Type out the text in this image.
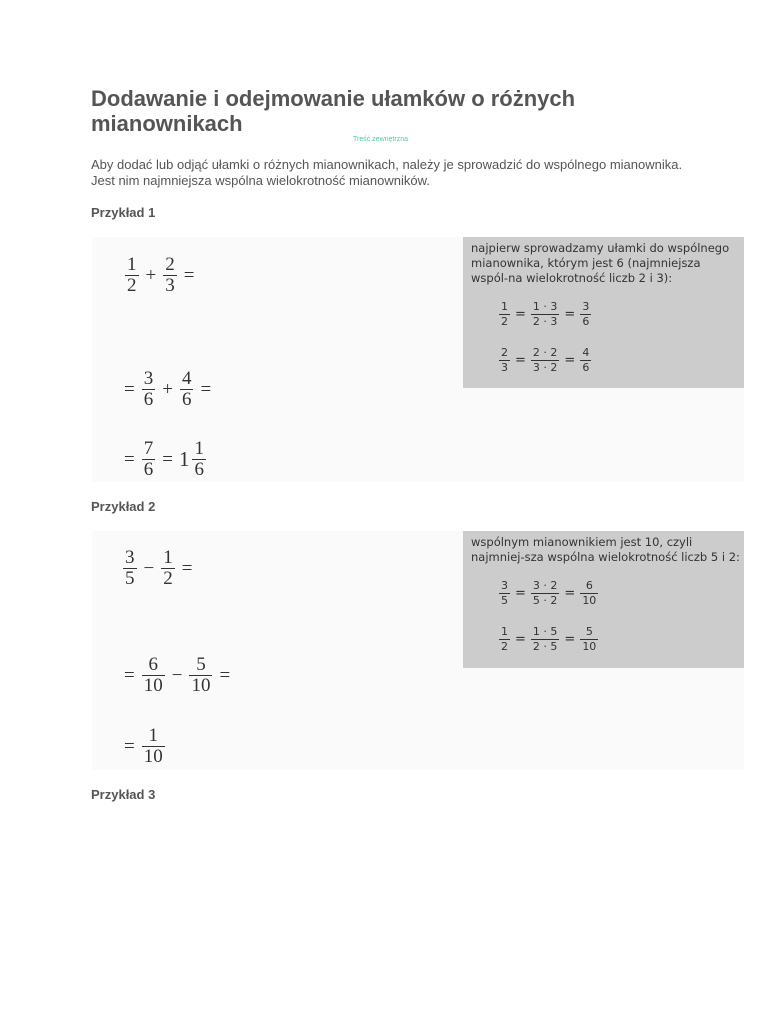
Dodawanie i odejmowanie ułamków o różnych mianownikach
Treść zewnętrzna

Aby dodać lub odjąć ułamki o różnych mianownikach, należy je sprowadzić do wspólnego mianownika. Jest nim najmniejsza wspólna wielokrotność mianowników.

Przykład 1

$\frac{1}{2} + \frac{2}{3}$ =
= $\frac{3}{6} + \frac{4}{6}$ =
= $\frac{7}{6} = 1 \frac{1}{6}$

najpierw sprowadzamy ułamki do wspólnego mianownika, którym jest 6 (najmniejsza wspól-na wielokrotność liczb 2 i 3):

$\frac{1}{2} = \frac{1 \cdot 3}{2 \cdot 3} = \frac{3}{6}$
$\frac{2}{3} = \frac{2 \cdot 2}{3 \cdot 2} = \frac{4}{6}$

Przykład 2

$\frac{3}{5} - \frac{1}{2}$ =
= $\frac{6}{10} - \frac{5}{10}$ =
= $\frac{1}{10}$

wspólnym mianownikiem jest 10, czyli najmniej-sza wspólna wielokrotność liczb 5 i 2:

$\frac{3}{5} = \frac{3 \cdot 2}{5 \cdot 2} = \frac{6}{10}$
$\frac{1}{2} = \frac{1 \cdot 5}{2 \cdot 5} = \frac{5}{10}$

Przykład 3
